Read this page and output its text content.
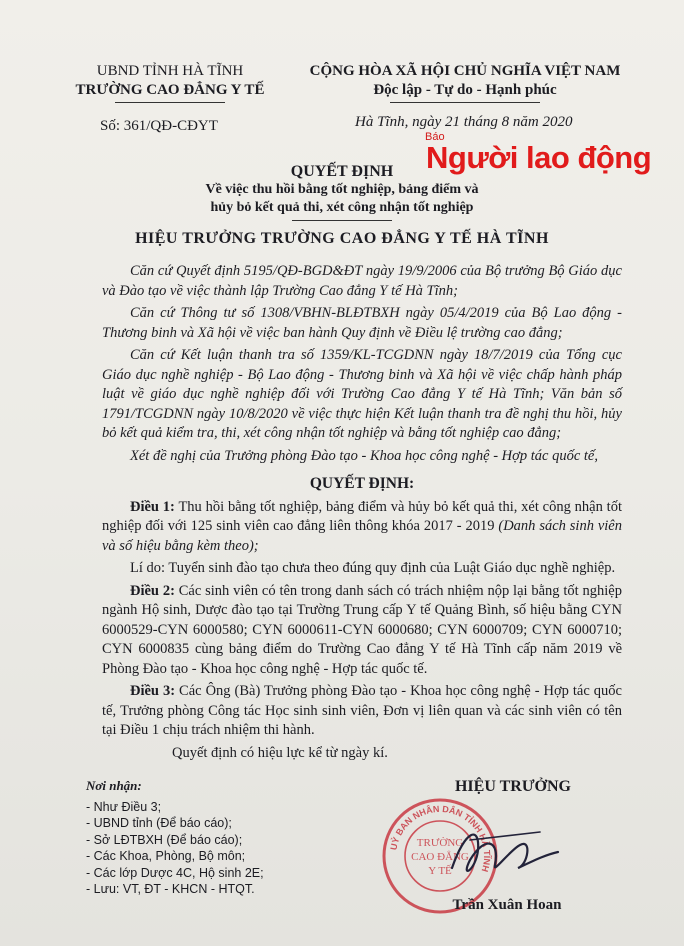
UBND TỈNH HÀ TĨNH
TRƯỜNG CAO ĐẲNG Y TẾ
CỘNG HÒA XÃ HỘI CHỦ NGHĨA VIỆT NAM
Độc lập - Tự do - Hạnh phúc
Số: 361/QĐ-CĐYT	Hà Tĩnh, ngày 21 tháng 8 năm 2020
Báo
Người lao động
QUYẾT ĐỊNH
Về việc thu hồi bằng tốt nghiệp, bảng điểm và
hủy bỏ kết quả thi, xét công nhận tốt nghiệp
HIỆU TRƯỞNG TRƯỜNG CAO ĐẲNG Y TẾ HÀ TĨNH

Căn cứ Quyết định 5195/QĐ-BGD&ĐT ngày 19/9/2006 của Bộ trưởng Bộ Giáo dục và Đào tạo về việc thành lập Trường Cao đẳng Y tế Hà Tĩnh;

Căn cứ Thông tư số 1308/VBHN-BLĐTBXH ngày 05/4/2019 của Bộ Lao động - Thương binh và Xã hội về việc ban hành Quy định về Điều lệ trường cao đẳng;

Căn cứ Kết luận thanh tra số 1359/KL-TCGDNN ngày 18/7/2019 của Tổng cục Giáo dục nghề nghiệp - Bộ Lao động - Thương binh và Xã hội về việc chấp hành pháp luật về giáo dục nghề nghiệp đối với Trường Cao đẳng Y tế Hà Tĩnh; Văn bản số 1791/TCGDNN ngày 10/8/2020 về việc thực hiện Kết luận thanh tra đề nghị thu hồi, hủy bỏ kết quả kiểm tra, thi, xét công nhận tốt nghiệp và bằng tốt nghiệp cao đẳng;

Xét đề nghị của Trưởng phòng Đào tạo - Khoa học công nghệ - Hợp tác quốc tế,

QUYẾT ĐỊNH:

Điều 1: Thu hồi bằng tốt nghiệp, bảng điểm và hủy bỏ kết quả thi, xét công nhận tốt nghiệp đối với 125 sinh viên cao đẳng liên thông khóa 2017 - 2019 (Danh sách sinh viên và số hiệu bằng kèm theo);

Lí do: Tuyển sinh đào tạo chưa theo đúng quy định của Luật Giáo dục nghề nghiệp.

Điều 2: Các sinh viên có tên trong danh sách có trách nhiệm nộp lại bằng tốt nghiệp ngành Hộ sinh, Dược đào tạo tại Trường Trung cấp Y tế Quảng Bình, số hiệu bằng CYN 6000529-CYN 6000580; CYN 6000611-CYN 6000680; CYN 6000709; CYN 6000710; CYN 6000835 cùng bảng điểm do Trường Cao đẳng Y tế Hà Tĩnh cấp năm 2019 về Phòng Đào tạo - Khoa học công nghệ - Hợp tác quốc tế.

Điều 3: Các Ông (Bà) Trưởng phòng Đào tạo - Khoa học công nghệ - Hợp tác quốc tế, Trưởng phòng Công tác Học sinh sinh viên, Đơn vị liên quan và các sinh viên có tên tại Điều 1 chịu trách nhiệm thi hành.

Quyết định có hiệu lực kể từ ngày kí.

Nơi nhận:
- Như Điều 3;
- UBND tỉnh (Để báo cáo);
- Sở LĐTBXH (Để báo cáo);
- Các Khoa, Phòng, Bộ môn;
- Các lớp Dược 4C, Hộ sinh 2E;
- Lưu: VT, ĐT - KHCN - HTQT.
HIỆU TRƯỞNG
UỶ BAN NHÂN DÂN TỈNH HÀ TĨNH
TRƯỜNG
CAO ĐẲNG
Y TẾ
Trần Xuân Hoan
